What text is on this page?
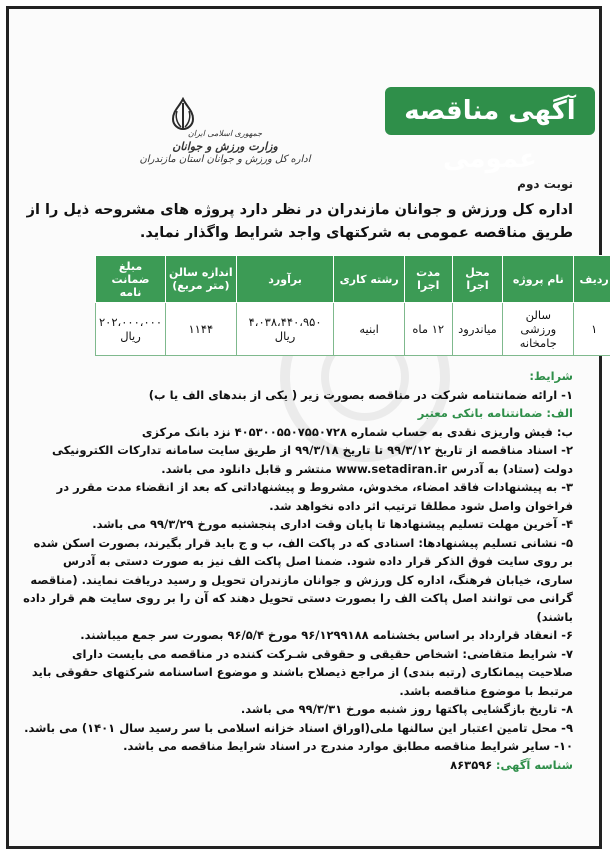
آگهی مناقصه عمومی
جمهوری اسلامی ایران
وزارت ورزش و جوانان
اداره کل ورزش و جوانان استان مازندران
نوبت دوم
اداره کل ورزش و جوانان مازندران در نظر دارد پروژه های مشروحه ذیل را از طریق مناقصه عمومی به شرکتهای واجد شرایط واگذار نماید.
ردیف	نام پروژه	محل اجرا	مدت اجرا	رشته کاری	برآورد	اندازه سالن (متر مربع)	مبلغ ضمانت نامه
۱	سالن ورزشی جامخانه	میاندرود	۱۲ ماه	ابنیه	۴،۰۳۸،۴۴۰،۹۵۰ ریال	۱۱۴۴	۲۰۲،۰۰۰،۰۰۰ ریال

شرایط:

۱- ارائه ضمانتنامه شرکت در مناقصه بصورت زیر ( یکی از بندهای الف یا ب)

الف: ضمانتنامه بانکی معتبر

ب: فیش واریزی نقدی به حساب شماره ۴۰۵۳۰۰۵۵۰۷۵۵۰۷۲۸ نزد بانک مرکزی

۲- اسناد مناقصه از تاریخ ۹۹/۳/۱۲ تا تاریخ ۹۹/۳/۱۸ از طریق سایت سامانه تدارکات الکترونیکی دولت (ستاد) به آدرس www.setadiran.ir منتشر و قابل دانلود می باشد.

۳- به پیشنهادات فاقد امضاء، مخدوش، مشروط و پیشنهاداتی که بعد از انقضاء مدت مقرر در فراخوان واصل شود مطلقا ترتیب اثر داده نخواهد شد.

۴- آخرین مهلت تسلیم پیشنهادها تا پایان وقت اداری پنجشنبه مورخ ۹۹/۳/۲۹ می باشد.

۵- نشانی تسلیم پیشنهادها: اسنادی که در پاکت الف، ب و ج باید قرار بگیرند، بصورت اسکن شده بر روی سایت فوق الذکر قرار داده شود. ضمنا اصل پاکت الف نیز به صورت دستی به آدرس ساری، خیابان فرهنگ، اداره کل ورزش و جوانان مازندران تحویل و رسید دریافت نمایند. (مناقصه گرانی می توانند اصل پاکت الف را بصورت دستی تحویل دهند که آن را بر روی سایت هم قرار داده باشند)

۶- انعقاد قرارداد بر اساس بخشنامه ۹۶/۱۲۹۹۱۸۸ مورخ ۹۶/۵/۴ بصورت سر جمع میباشند.

۷- شرایط متقاضی: اشخاص حقیقی و حقوقی شـرکت کننده در مناقصه می بایست دارای صلاحیت پیمانکاری (رتبه بندی) از مراجع ذیصلاح باشند و موضوع اساسنامه شرکتهای حقوقی باید مرتبط با موضوع مناقصه باشد.

۸- تاریخ بازگشایی پاکتها روز شنبه مورخ ۹۹/۳/۳۱ می باشد.

۹- محل تامین اعتبار این سالنها ملی(اوراق اسناد خزانه اسلامی با سر رسید سال ۱۴۰۱) می باشد.

۱۰- سایر شرایط مناقصه مطابق موارد مندرج در اسناد شرایط مناقصه می باشد.

شناسه آگهی: ۸۶۳۵۹۶
